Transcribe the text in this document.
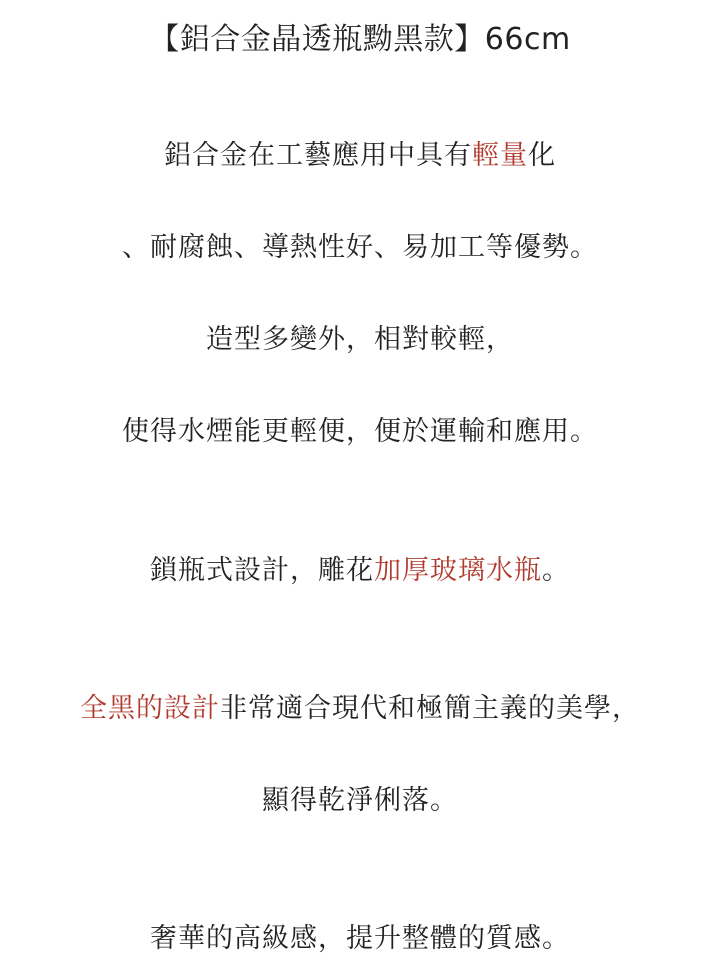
【鋁合金晶透瓶黝黑款】66cm
鋁合金在工藝應用中具有輕量化
、耐腐蝕、導熱性好、易加工等優勢。
造型多變外，相對較輕，
使得水煙能更輕便，便於運輸和應用。
鎖瓶式設計，雕花加厚玻璃水瓶。
全黑的設計非常適合現代和極簡主義的美學，
顯得乾淨俐落。
奢華的高級感，提升整體的質感。
